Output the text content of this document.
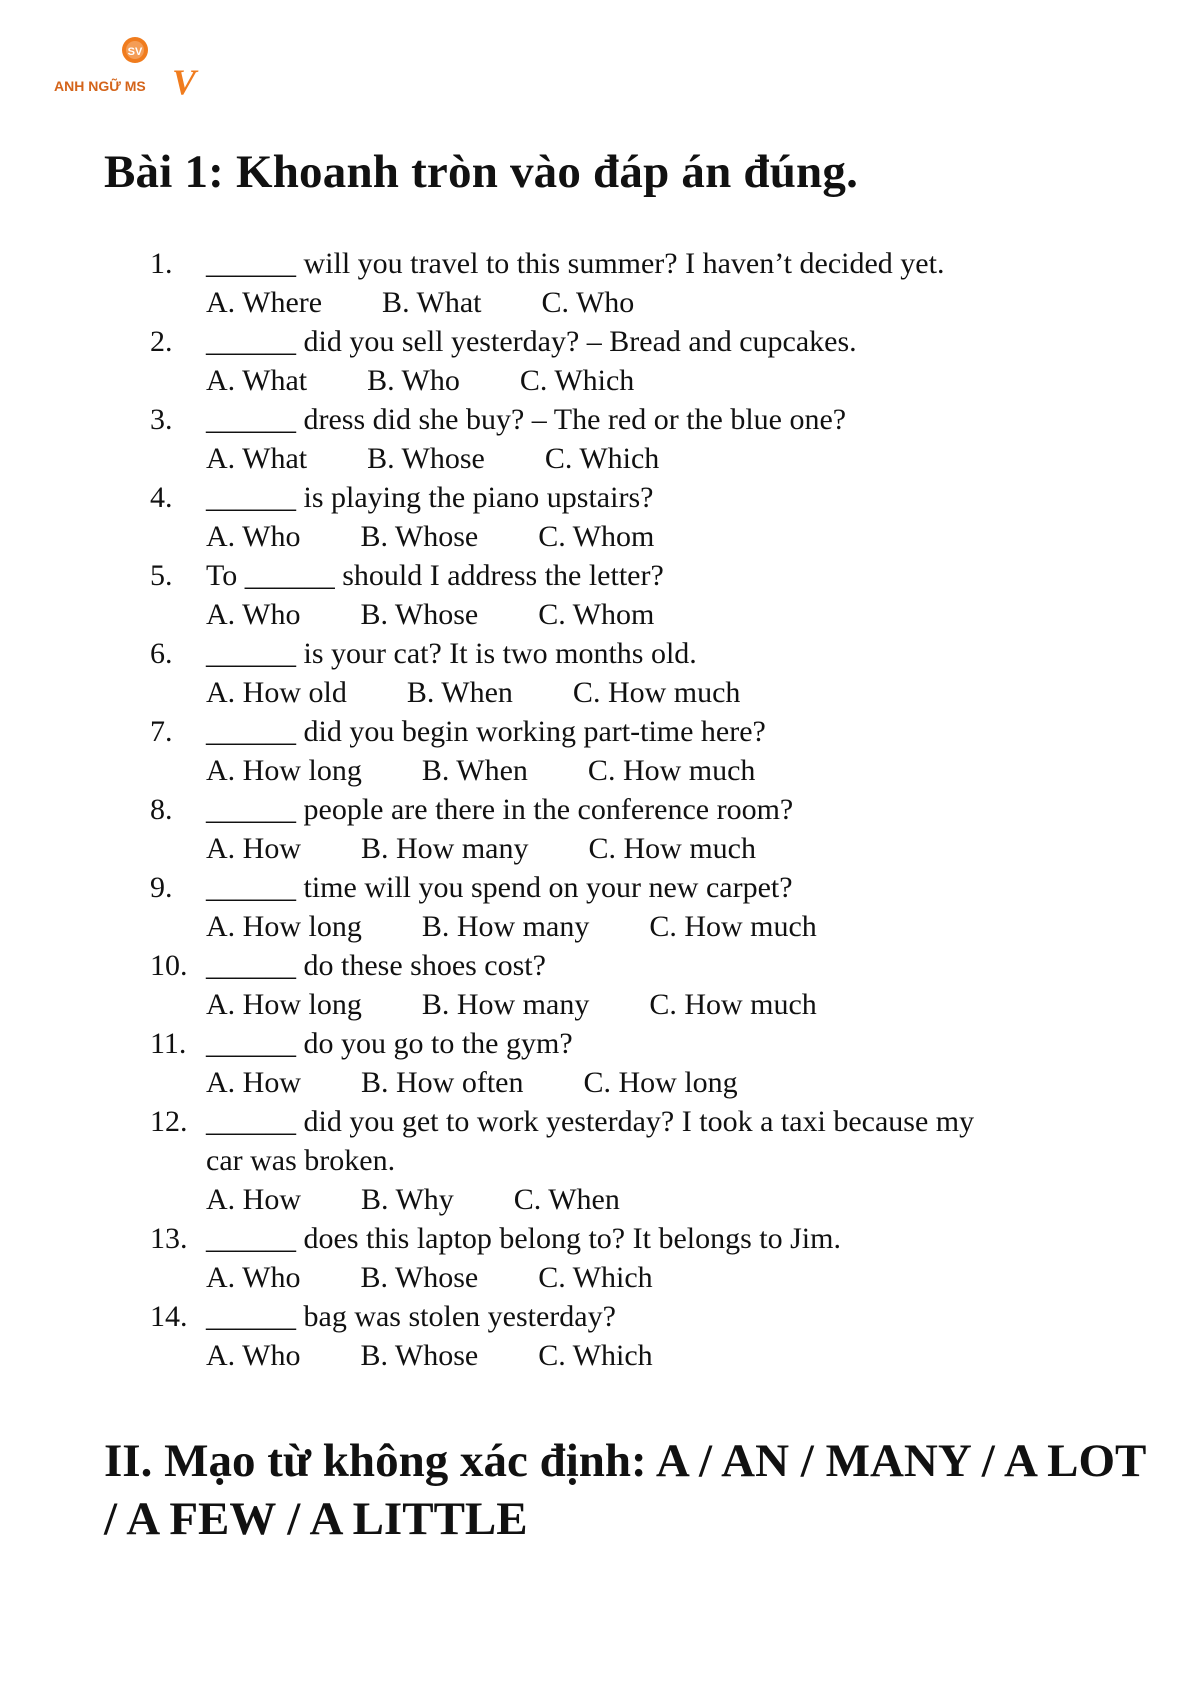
SV
ANH NGỮ MS V
Bài 1: Khoanh tròn vào đáp án đúng.
1.	______ will you travel to this summer? I haven’t decided yet.
A. Where        B. What        C. Who
2.	______ did you sell yesterday? – Bread and cupcakes.
A. What        B. Who        C. Which
3.	______ dress did she buy? – The red or the blue one?
A. What        B. Whose        C. Which
4.	______ is playing the piano upstairs?
A. Who        B. Whose        C. Whom
5.	To ______ should I address the letter?
A. Who        B. Whose        C. Whom
6.	______ is your cat? It is two months old.
A. How old        B. When        C. How much
7.	______ did you begin working part-time here?
A. How long        B. When        C. How much
8.	______ people are there in the conference room?
A. How        B. How many        C. How much
9.	______ time will you spend on your new carpet?
A. How long        B. How many        C. How much
10. ______ do these shoes cost?
A. How long        B. How many        C. How much
11. ______ do you go to the gym?
A. How        B. How often        C. How long
12. ______ did you get to work yesterday? I took a taxi because my
car was broken.
A. How        B. Why        C. When
13. ______ does this laptop belong to? It belongs to Jim.
A. Who        B. Whose        C. Which
14. ______ bag was stolen yesterday?
A. Who        B. Whose        C. Which
II. Mạo từ không xác định: A / AN / MANY / A LOT / A FEW / A LITTLE
